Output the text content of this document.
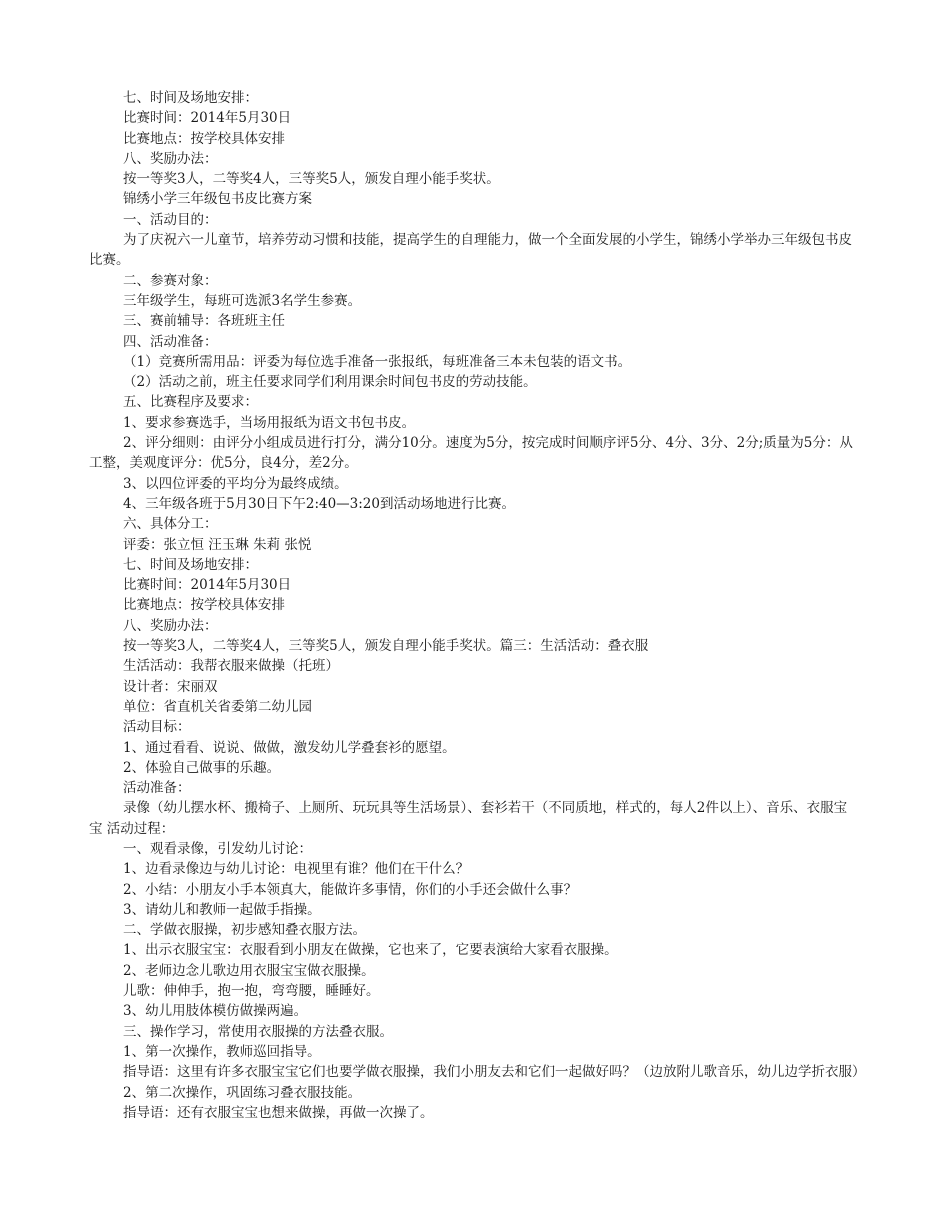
七、时间及场地安排：

比赛时间：2014年5月30日

比赛地点：按学校具体安排

八、奖励办法：

按一等奖3人，二等奖4人，三等奖5人，颁发自理小能手奖状。

锦绣小学三年级包书皮比赛方案

一、活动目的：

为了庆祝六一儿童节，培养劳动习惯和技能，提高学生的自理能力，做一个全面发展的小学生，锦绣小学举办三年级包书皮比赛。

二、参赛对象：

三年级学生，每班可选派3名学生参赛。

三、赛前辅导：各班班主任

四、活动准备：

（1）竞赛所需用品：评委为每位选手准备一张报纸，每班准备三本未包装的语文书。

（2）活动之前，班主任要求同学们利用课余时间包书皮的劳动技能。

五、比赛程序及要求：

1、要求参赛选手，当场用报纸为语文书包书皮。

2、评分细则：由评分小组成员进行打分，满分10分。速度为5分，按完成时间顺序评5分、4分、3分、2分;质量为5分：从工整，美观度评分：优5分，良4分，差2分。

3、以四位评委的平均分为最终成绩。

4、三年级各班于5月30日下午2:40—3:20到活动场地进行比赛。

六、具体分工：

评委：张立恒 汪玉琳 朱莉 张悦

七、时间及场地安排：

比赛时间：2014年5月30日

比赛地点：按学校具体安排

八、奖励办法：

按一等奖3人，二等奖4人，三等奖5人，颁发自理小能手奖状。篇三：生活活动：叠衣服

生活活动：我帮衣服来做操（托班）

设计者：宋丽双

单位：省直机关省委第二幼儿园

活动目标：

1、通过看看、说说、做做，激发幼儿学叠套衫的愿望。

2、体验自己做事的乐趣。

活动准备：

录像（幼儿摆水杯、搬椅子、上厕所、玩玩具等生活场景）、套衫若干（不同质地，样式的，每人2件以上）、音乐、衣服宝宝 活动过程：

一、观看录像，引发幼儿讨论：

1、边看录像边与幼儿讨论：电视里有谁？他们在干什么？

2、小结：小朋友小手本领真大，能做许多事情，你们的小手还会做什么事？

3、请幼儿和教师一起做手指操。

二、学做衣服操，初步感知叠衣服方法。

1、出示衣服宝宝：衣服看到小朋友在做操，它也来了，它要表演给大家看衣服操。

2、老师边念儿歌边用衣服宝宝做衣服操。

儿歌：伸伸手，抱一抱，弯弯腰，睡睡好。

3、幼儿用肢体模仿做操两遍。

三、操作学习，常使用衣服操的方法叠衣服。

1、第一次操作，教师巡回指导。

指导语：这里有许多衣服宝宝它们也要学做衣服操，我们小朋友去和它们一起做好吗？（边放附儿歌音乐，幼儿边学折衣服）

2、第二次操作，巩固练习叠衣服技能。

指导语：还有衣服宝宝也想来做操，再做一次操了。
